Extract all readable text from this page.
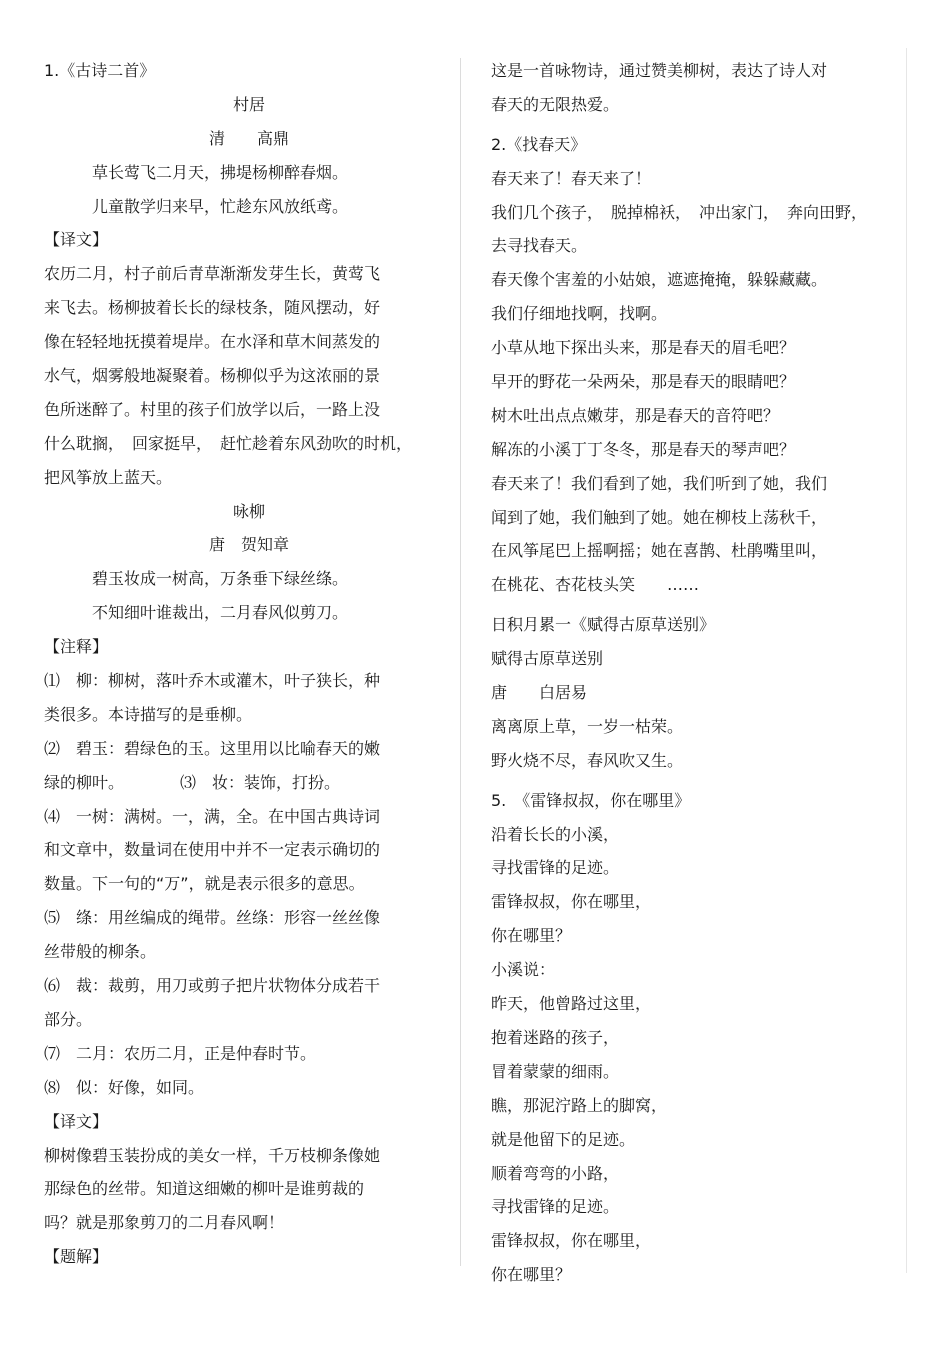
1.《古诗二首》
村居
清　　高鼎
草长莺飞二月天，拂堤杨柳醉春烟。
儿童散学归来早，忙趁东风放纸鸢。
【译文】
农历二月，村子前后青草渐渐发芽生长，黄莺飞
来飞去。杨柳披着长长的绿枝条，随风摆动，好
像在轻轻地抚摸着堤岸。在水泽和草木间蒸发的
水气，烟雾般地凝聚着。杨柳似乎为这浓丽的景
色所迷醉了。村里的孩子们放学以后，一路上没
什么耽搁，　回家挺早，　赶忙趁着东风劲吹的时机，
把风筝放上蓝天。
咏柳
唐　贺知章
碧玉妆成一树高，万条垂下绿丝绦。
不知细叶谁裁出，二月春风似剪刀。
【注释】
⑴　柳：柳树，落叶乔木或灌木，叶子狭长，种
类很多。本诗描写的是垂柳。
⑵　碧玉：碧绿色的玉。这里用以比喻春天的嫩
绿的柳叶。　　　　⑶　妆：装饰，打扮。
⑷　一树：满树。一，满，全。在中国古典诗词
和文章中，数量词在使用中并不一定表示确切的
数量。下一句的“万”，就是表示很多的意思。
⑸　绦：用丝编成的绳带。丝绦：形容一丝丝像
丝带般的柳条。
⑹　裁：裁剪，用刀或剪子把片状物体分成若干
部分。
⑺　二月：农历二月，正是仲春时节。
⑻　似：好像，如同。
【译文】
柳树像碧玉装扮成的美女一样，千万枝柳条像她
那绿色的丝带。知道这细嫩的柳叶是谁剪裁的
吗？就是那象剪刀的二月春风啊！
【题解】
这是一首咏物诗，通过赞美柳树，表达了诗人对
春天的无限热爱。
2.《找春天》
春天来了！春天来了！
我们几个孩子，　脱掉棉袄，　冲出家门，　奔向田野，
去寻找春天。
春天像个害羞的小姑娘，遮遮掩掩，躲躲藏藏。
我们仔细地找啊，找啊。
小草从地下探出头来，那是春天的眉毛吧？
早开的野花一朵两朵，那是春天的眼睛吧？
树木吐出点点嫩芽，那是春天的音符吧？
解冻的小溪丁丁冬冬，那是春天的琴声吧？
春天来了！我们看到了她，我们听到了她，我们
闻到了她，我们触到了她。她在柳枝上荡秋千，
在风筝尾巴上摇啊摇；她在喜鹊、杜鹃嘴里叫，
在桃花、杏花枝头笑　　……
日积月累一《赋得古原草送别》
赋得古原草送别
唐　　白居易
离离原上草，一岁一枯荣。
野火烧不尽，春风吹又生。
5.　《雷锋叔叔，你在哪里》
沿着长长的小溪，
寻找雷锋的足迹。
雷锋叔叔，你在哪里，
你在哪里？
小溪说：
昨天，他曾路过这里，
抱着迷路的孩子，
冒着蒙蒙的细雨。
瞧，那泥泞路上的脚窝，
就是他留下的足迹。
顺着弯弯的小路，
寻找雷锋的足迹。
雷锋叔叔，你在哪里，
你在哪里？
